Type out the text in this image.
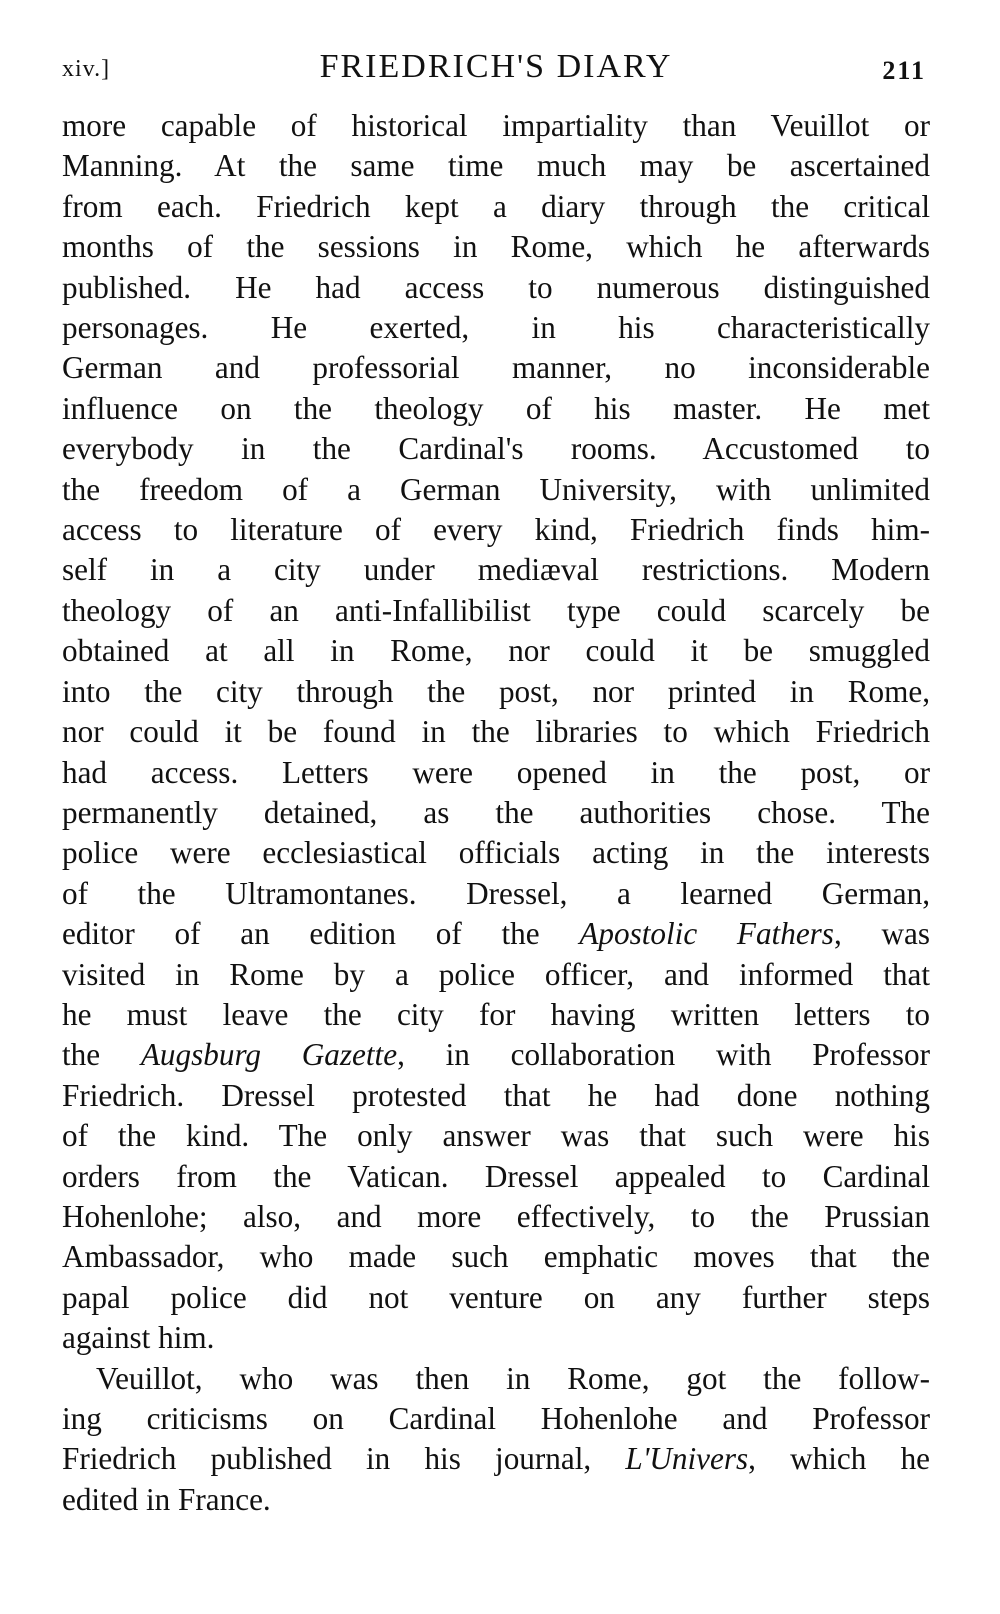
xiv.]	FRIEDRICH'S DIARY	211
more capable of historical impartiality than Veuillot or
Manning. At the same time much may be ascertained
from each. Friedrich kept a diary through the critical
months of the sessions in Rome, which he afterwards
published. He had access to numerous distinguished
personages. He exerted, in his characteristically
German and professorial manner, no inconsiderable
influence on the theology of his master. He met
everybody in the Cardinal's rooms. Accustomed to
the freedom of a German University, with unlimited
access to literature of every kind, Friedrich finds him-
self in a city under mediæval restrictions. Modern
theology of an anti-Infallibilist type could scarcely be
obtained at all in Rome, nor could it be smuggled
into the city through the post, nor printed in Rome,
nor could it be found in the libraries to which Friedrich
had access. Letters were opened in the post, or
permanently detained, as the authorities chose. The
police were ecclesiastical officials acting in the interests
of the Ultramontanes. Dressel, a learned German,
editor of an edition of the Apostolic Fathers, was
visited in Rome by a police officer, and informed that
he must leave the city for having written letters to
the Augsburg Gazette, in collaboration with Professor
Friedrich. Dressel protested that he had done nothing
of the kind. The only answer was that such were his
orders from the Vatican. Dressel appealed to Cardinal
Hohenlohe; also, and more effectively, to the Prussian
Ambassador, who made such emphatic moves that the
papal police did not venture on any further steps
against him.
Veuillot, who was then in Rome, got the follow-
ing criticisms on Cardinal Hohenlohe and Professor
Friedrich published in his journal, L'Univers, which he
edited in France.
